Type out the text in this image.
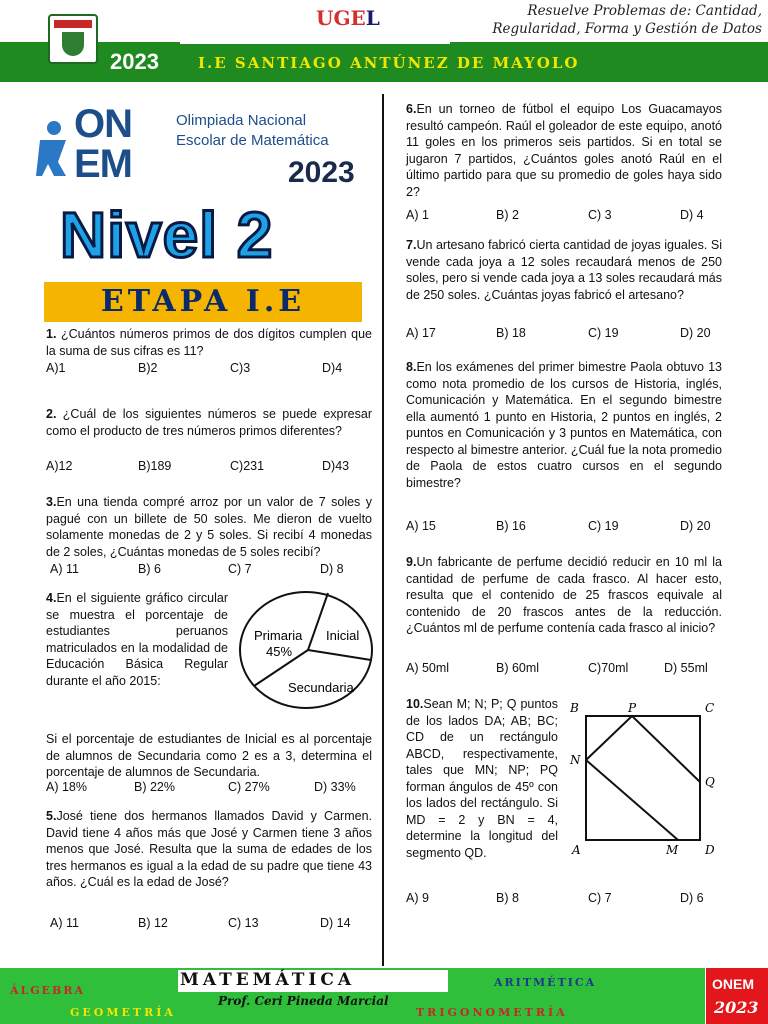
UGEL	Resuelve Problemas de: Cantidad,
Regularidad, Forma y Gestión de Datos
2023	I.E SANTIAGO ANTÚNEZ DE MAYOLO
ON
EM
Olimpiada Nacional
Escolar de Matemática
2023
Nivel 2
ETAPA I.E
1. ¿Cuántos números primos de dos dígitos cumplen que la suma de sus cifras es 11?
A)1	B)2	C)3	D)4
2. ¿Cuál de los siguientes números se puede expresar como el producto de tres números primos diferentes?
A)12	B)189	C)231	D)43
3.En una tienda compré arroz por un valor de 7 soles y pagué con un billete de 50 soles. Me dieron de vuelto solamente monedas de 2 y 5 soles. Si recibí 4 monedas de 2 soles, ¿Cuántas monedas de 5 soles recibí?
A) 11	B) 6	C) 7	D) 8
4.En el siguiente gráfico circular se muestra el porcentaje de estudiantes peruanos matriculados en la modalidad de Educación Básica Regular durante el año 2015:
Primaria
45%
Inicial
Secundaria
Si el porcentaje de estudiantes de Inicial es al porcentaje de alumnos de Secundaria como 2 es a 3, determina el porcentaje de alumnos de Secundaria.
A) 18%	B) 22%	C) 27%	D) 33%
5.José tiene dos hermanos llamados David y Carmen. David tiene 4 años más que José y Carmen tiene 3 años menos que José. Resulta que la suma de edades de los tres hermanos es igual a la edad de su padre que tiene 43 años. ¿Cuál es la edad de José?
A) 11	B) 12	C) 13	D) 14
6.En un torneo de fútbol el equipo Los Guacamayos resultó campeón. Raúl el goleador de este equipo, anotó 11 goles en los primeros seis partidos. Si en total se jugaron 7 partidos, ¿Cuántos goles anotó Raúl en el último partido para que su promedio de goles haya sido 2?
A) 1	B) 2	C) 3	D) 4
7.Un artesano fabricó cierta cantidad de joyas iguales. Si vende cada joya a 12 soles recaudará menos de 250 soles, pero si vende cada joya a 13 soles recaudará más de 250 soles. ¿Cuántas joyas fabricó el artesano?
A) 17	B) 18	C) 19	D) 20
8.En los exámenes del primer bimestre Paola obtuvo 13 como nota promedio de los cursos de Historia, inglés, Comunicación y Matemática. En el segundo bimestre ella aumentó 1 punto en Historia, 2 puntos en inglés, 2 puntos en Comunicación y 3 puntos en Matemática, con respecto al bimestre anterior. ¿Cuál fue la nota promedio de Paola de estos cuatro cursos en el segundo bimestre?
A) 15	B) 16	C) 19	D) 20
9.Un fabricante de perfume decidió reducir en 10 ml la cantidad de perfume de cada frasco. Al hacer esto, resulta que el contenido de 25 frascos equivale al contenido de 20 frascos antes de la reducción. ¿Cuántos ml de perfume contenía cada frasco al inicio?
A) 50ml	B) 60ml	C)70ml	D) 55ml
10.Sean M; N; P; Q puntos de los lados DA; AB; BC; CD de un rectángulo ABCD, respectivamente, tales que MN; NP; PQ forman ángulos de 45º con los lados del rectángulo. Si MD = 2 y BN = 4, determine la longitud del segmento QD.
B	P	C
N
Q
A	M D
A) 9	B) 8	C) 7	D) 6
ÁLGEBRA
GEOMETRÍA
MATEMÁTICA
Prof. Ceri Pineda Marcial
ARITMÉTICA
TRIGONOMETRÍA
ONEM
2023
